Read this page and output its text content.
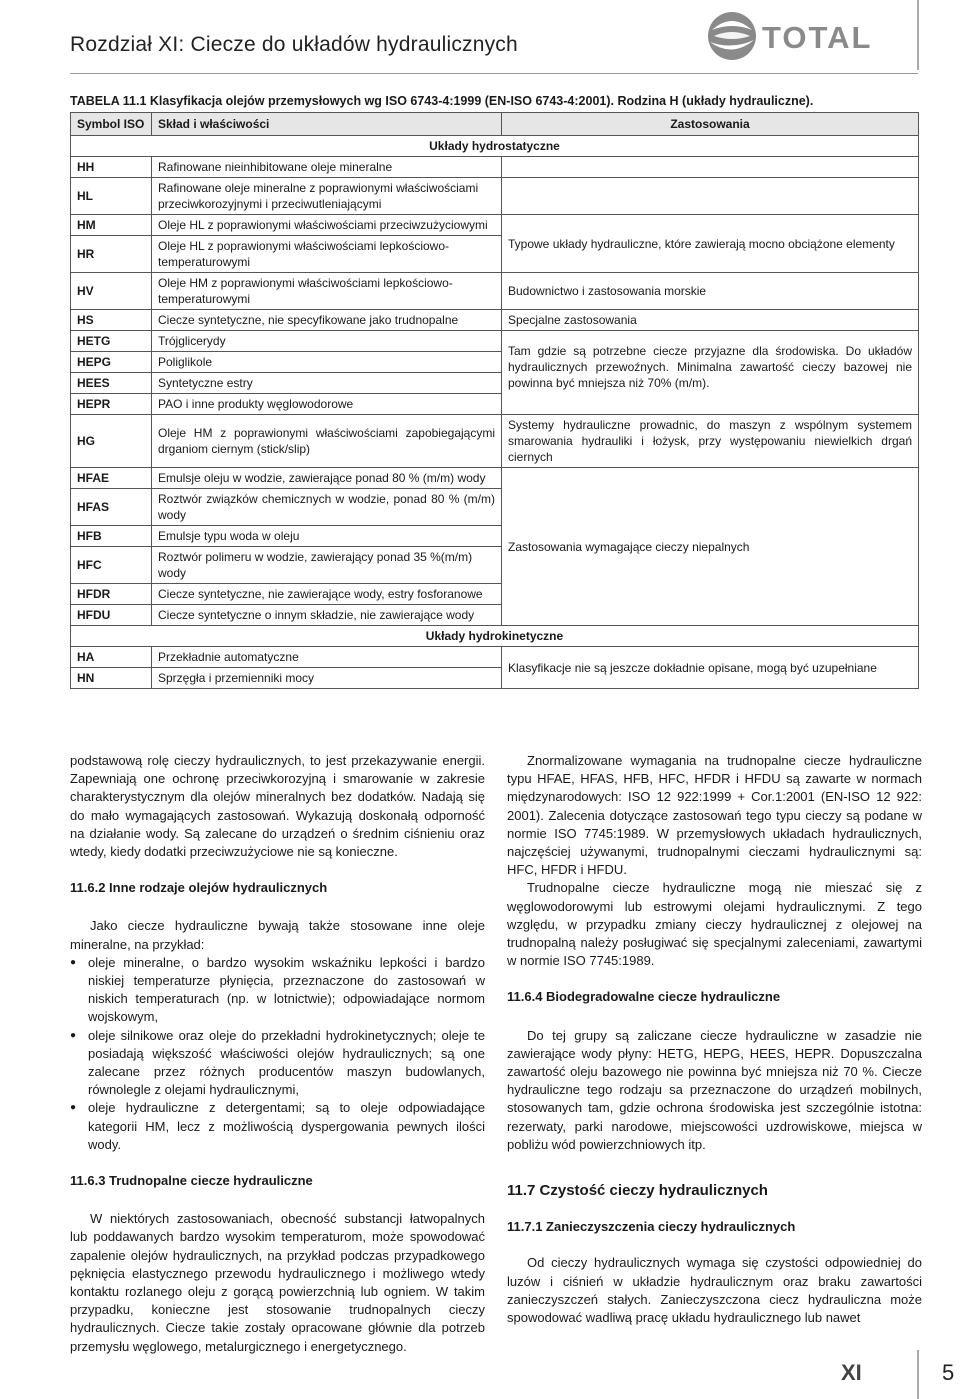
Rozdział XI: Ciecze do układów hydraulicznych	TOTAL
TABELA 11.1 Klasyfikacja olejów przemysłowych wg ISO 6743-4:1999 (EN-ISO 6743-4:2001). Rodzina H (układy hydrauliczne).
Symbol ISO	Skład i właściwości	Zastosowania
Układy hydrostatyczne		
HH	Rafinowane nieinhibitowane oleje mineralne	
HL	Rafinowane oleje mineralne z poprawionymi właściwościami przeciwkorozyjnymi i przeciwutleniającymi	
HM	Oleje HL z poprawionymi właściwościami przeciwzużyciowymi	Typowe układy hydrauliczne, które zawierają mocno obciążone elementy
HR	Oleje HL z poprawionymi właściwościami lepkościowo-temperaturowymi	
HV	Oleje HM z poprawionymi właściwościami lepkościowo-temperaturowymi	Budownictwo i zastosowania morskie
HS	Ciecze syntetyczne, nie specyfikowane jako trudnopalne	Specjalne zastosowania
HETG	Trójglicerydy	Tam gdzie są potrzebne ciecze przyjazne dla środowiska. Do układów hydraulicznych przewoźnych. Minimalna zawartość cieczy bazowej nie powinna być mniejsza niż 70% (m/m).
HEPG	Poliglikole	
HEES	Syntetyczne estry	
HEPR	PAO i inne produkty węglowodorowe	
HG	Oleje HM z poprawionymi właściwościami zapobiegającymi drganiom ciernym (stick/slip)	Systemy hydrauliczne prowadnic, do maszyn z wspólnym systemem smarowania hydrauliki i łożysk, przy występowaniu niewielkich drgań ciernych
HFAE	Emulsje oleju w wodzie, zawierające ponad 80 % (m/m) wody	Zastosowania wymagające cieczy niepalnych
HFAS	Roztwór związków chemicznych w wodzie, ponad 80 % (m/m) wody	
HFB	Emulsje typu woda w oleju	
HFC	Roztwór polimeru w wodzie, zawierający ponad 35 %(m/m) wody	
HFDR	Ciecze syntetyczne, nie zawierające wody, estry fosforanowe	
HFDU	Ciecze syntetyczne o innym składzie, nie zawierające wody	
Układy hydrokinetyczne		
HA	Przekładnie automatyczne	Klasyfikacje nie są jeszcze dokładnie opisane, mogą być uzupełniane
HN	Sprzęgła i przemienniki mocy	

podstawową rolę cieczy hydraulicznych, to jest przekazywanie energii. Zapewniają one ochronę przeciwkorozyjną i smarowanie w zakresie charakterystycznym dla olejów mineralnych bez dodatków. Nadają się do mało wymagających zastosowań. Wykazują doskonałą odporność na działanie wody. Są zalecane do urządzeń o średnim ciśnieniu oraz wtedy, kiedy dodatki przeciwzużyciowe nie są konieczne.

11.6.2 Inne rodzaje olejów hydraulicznych

Jako ciecze hydrauliczne bywają także stosowane inne oleje mineralne, na przykład:

● oleje mineralne, o bardzo wysokim wskaźniku lepkości i bardzo niskiej temperaturze płynięcia, przeznaczone do zastosowań w niskich temperaturach (np. w lotnictwie); odpowiadające normom wojskowym,
● oleje silnikowe oraz oleje do przekładni hydrokinetycznych; oleje te posiadają większość właściwości olejów hydraulicznych; są one zalecane przez różnych producentów maszyn budowlanych, równolegle z olejami hydraulicznymi,
● oleje hydrauliczne z detergentami; są to oleje odpowiadające kategorii HM, lecz z możliwością dyspergowania pewnych ilości wody.
11.6.3 Trudnopalne ciecze hydrauliczne

W niektórych zastosowaniach, obecność substancji łatwopalnych lub poddawanych bardzo wysokim temperaturom, może spowodować zapalenie olejów hydraulicznych, na przykład podczas przypadkowego pęknięcia elastycznego przewodu hydraulicznego i możliwego wtedy kontaktu rozlanego oleju z gorącą powierzchnią lub ogniem. W takim przypadku, konieczne jest stosowanie trudnopalnych cieczy hydraulicznych. Ciecze takie zostały opracowane głównie dla potrzeb przemysłu węglowego, metalurgicznego i energetycznego.

Znormalizowane wymagania na trudnopalne ciecze hydrauliczne typu HFAE, HFAS, HFB, HFC, HFDR i HFDU są zawarte w normach międzynarodowych: ISO 12 922:1999 + Cor.1:2001 (EN-ISO 12 922: 2001). Zalecenia dotyczące zastosowań tego typu cieczy są podane w normie ISO 7745:1989. W przemysłowych układach hydraulicznych, najczęściej używanymi, trudnopalnymi cieczami hydraulicznymi są: HFC, HFDR i HFDU.

Trudnopalne ciecze hydrauliczne mogą nie mieszać się z węglowodorowymi lub estrowymi olejami hydraulicznymi. Z tego względu, w przypadku zmiany cieczy hydraulicznej z olejowej na trudnopalną należy posługiwać się specjalnymi zaleceniami, zawartymi w normie ISO 7745:1989.

11.6.4 Biodegradowalne ciecze hydrauliczne

Do tej grupy są zaliczane ciecze hydrauliczne w zasadzie nie zawierające wody płyny: HETG, HEPG, HEES, HEPR. Dopuszczalna zawartość oleju bazowego nie powinna być mniejsza niż 70 %. Ciecze hydrauliczne tego rodzaju sa przeznaczone do urządzeń mobilnych, stosowanych tam, gdzie ochrona środowiska jest szczególnie istotna: rezerwaty, parki narodowe, miejscowości uzdrowiskowe, miejsca w pobliżu wód powierzchniowych itp.

11.7 Czystość cieczy hydraulicznych
11.7.1 Zanieczyszczenia cieczy hydraulicznych

Od cieczy hydraulicznych wymaga się czystości odpowiedniej do luzów i ciśnień w układzie hydraulicznym oraz braku zawartości zanieczyszczeń stałych. Zanieczyszczona ciecz hydrauliczna może spowodować wadliwą pracę układu hydraulicznego lub nawet

XI	5
